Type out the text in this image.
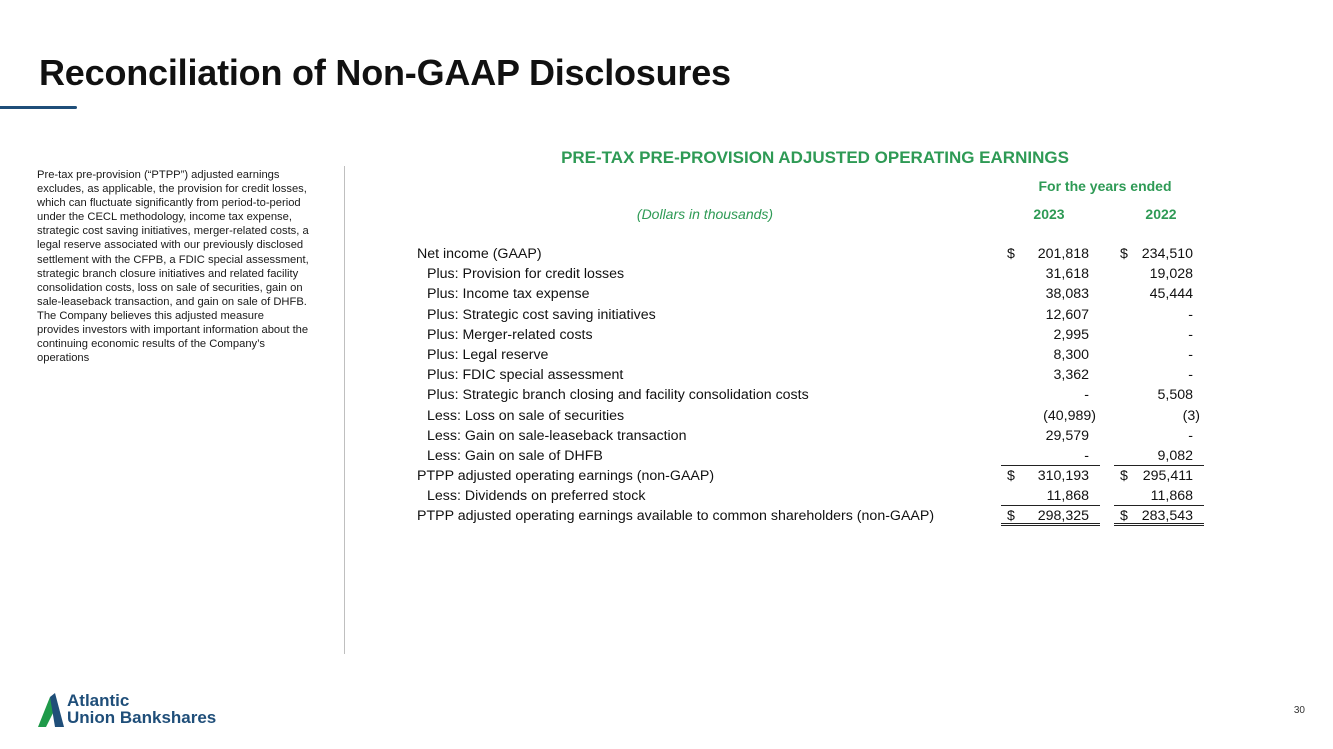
Reconciliation of Non-GAAP Disclosures
Pre-tax pre-provision (“PTPP”) adjusted earnings excludes, as applicable, the provision for credit losses, which can fluctuate significantly from period-to-period under the CECL methodology, income tax expense, strategic cost saving initiatives, merger-related costs, a legal reserve associated with our previously disclosed settlement with the CFPB, a FDIC special assessment, strategic branch closure initiatives and related facility consolidation costs, loss on sale of securities, gain on sale-leaseback transaction, and gain on sale of DHFB. The Company believes this adjusted measure provides investors with important information about the continuing economic results of the Company’s operations
PRE-TAX PRE-PROVISION ADJUSTED OPERATING EARNINGS
For the years ended
(Dollars in thousands)	2023	2022
Net income (GAAP)	$ 201,818 $ 234,510
Plus: Provision for credit losses	31,618	19,028
Plus: Income tax expense	38,083	45,444
Plus: Strategic cost saving initiatives	12,607	-
Plus: Merger-related costs	2,995	-
Plus: Legal reserve	8,300	-
Plus: FDIC special assessment	3,362	-
Plus: Strategic branch closing and facility consolidation costs	-	5,508
Less: Loss on sale of securities	(40,989)	(3)
Less: Gain on sale-leaseback transaction	29,579	-
Less: Gain on sale of DHFB	-	9,082
PTPP adjusted operating earnings (non-GAAP)	$ 310,193 $ 295,411
Less: Dividends on preferred stock	11,868	11,868
PTPP adjusted operating earnings available to common shareholders (non-GAAP)	$ 298,325 $ 283,543
Atlantic
Union Bankshares	30
